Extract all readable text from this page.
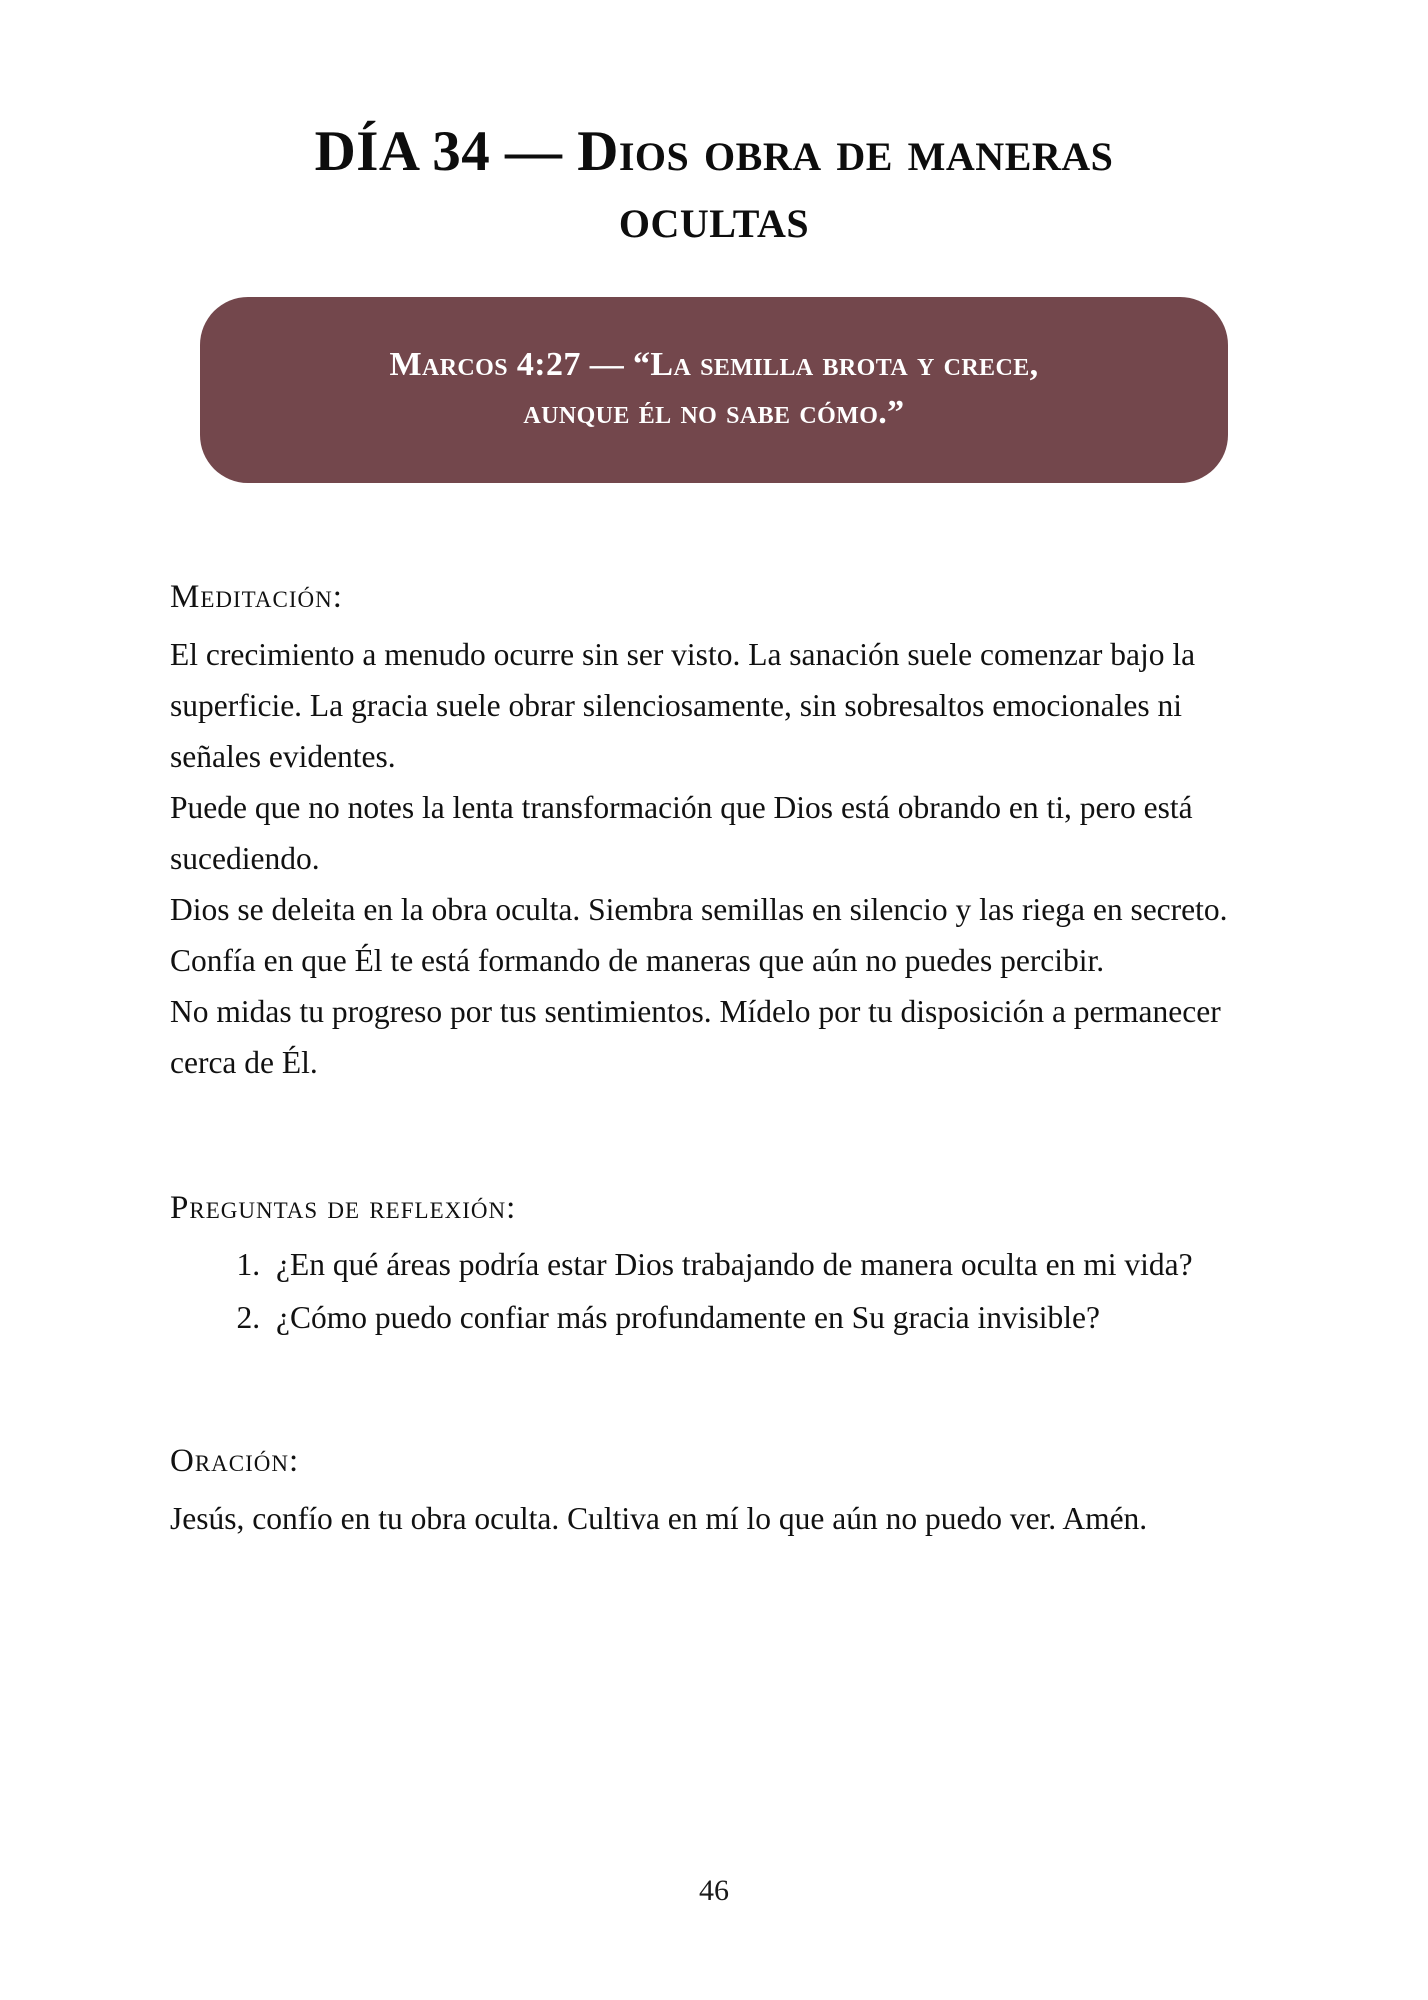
DÍA 34 — Dios obra de maneras
ocultas
Marcos 4:27 — “La semilla brota y crece,
aunque él no sabe cómo.”
Meditación:

El crecimiento a menudo ocurre sin ser visto. La sanación suele comenzar bajo la superficie. La gracia suele obrar silenciosamente, sin sobresaltos emocionales ni señales evidentes.

Puede que no notes la lenta transformación que Dios está obrando en ti, pero está sucediendo.

Dios se deleita en la obra oculta. Siembra semillas en silencio y las riega en secreto. Confía en que Él te está formando de maneras que aún no puedes percibir.

No midas tu progreso por tus sentimientos. Mídelo por tu disposición a permanecer cerca de Él.

Preguntas de reflexión:
1. ¿En qué áreas podría estar Dios trabajando de manera oculta en mi vida?
2. ¿Cómo puedo confiar más profundamente en Su gracia invisible?
Oración:

Jesús, confío en tu obra oculta. Cultiva en mí lo que aún no puedo ver. Amén.

46
